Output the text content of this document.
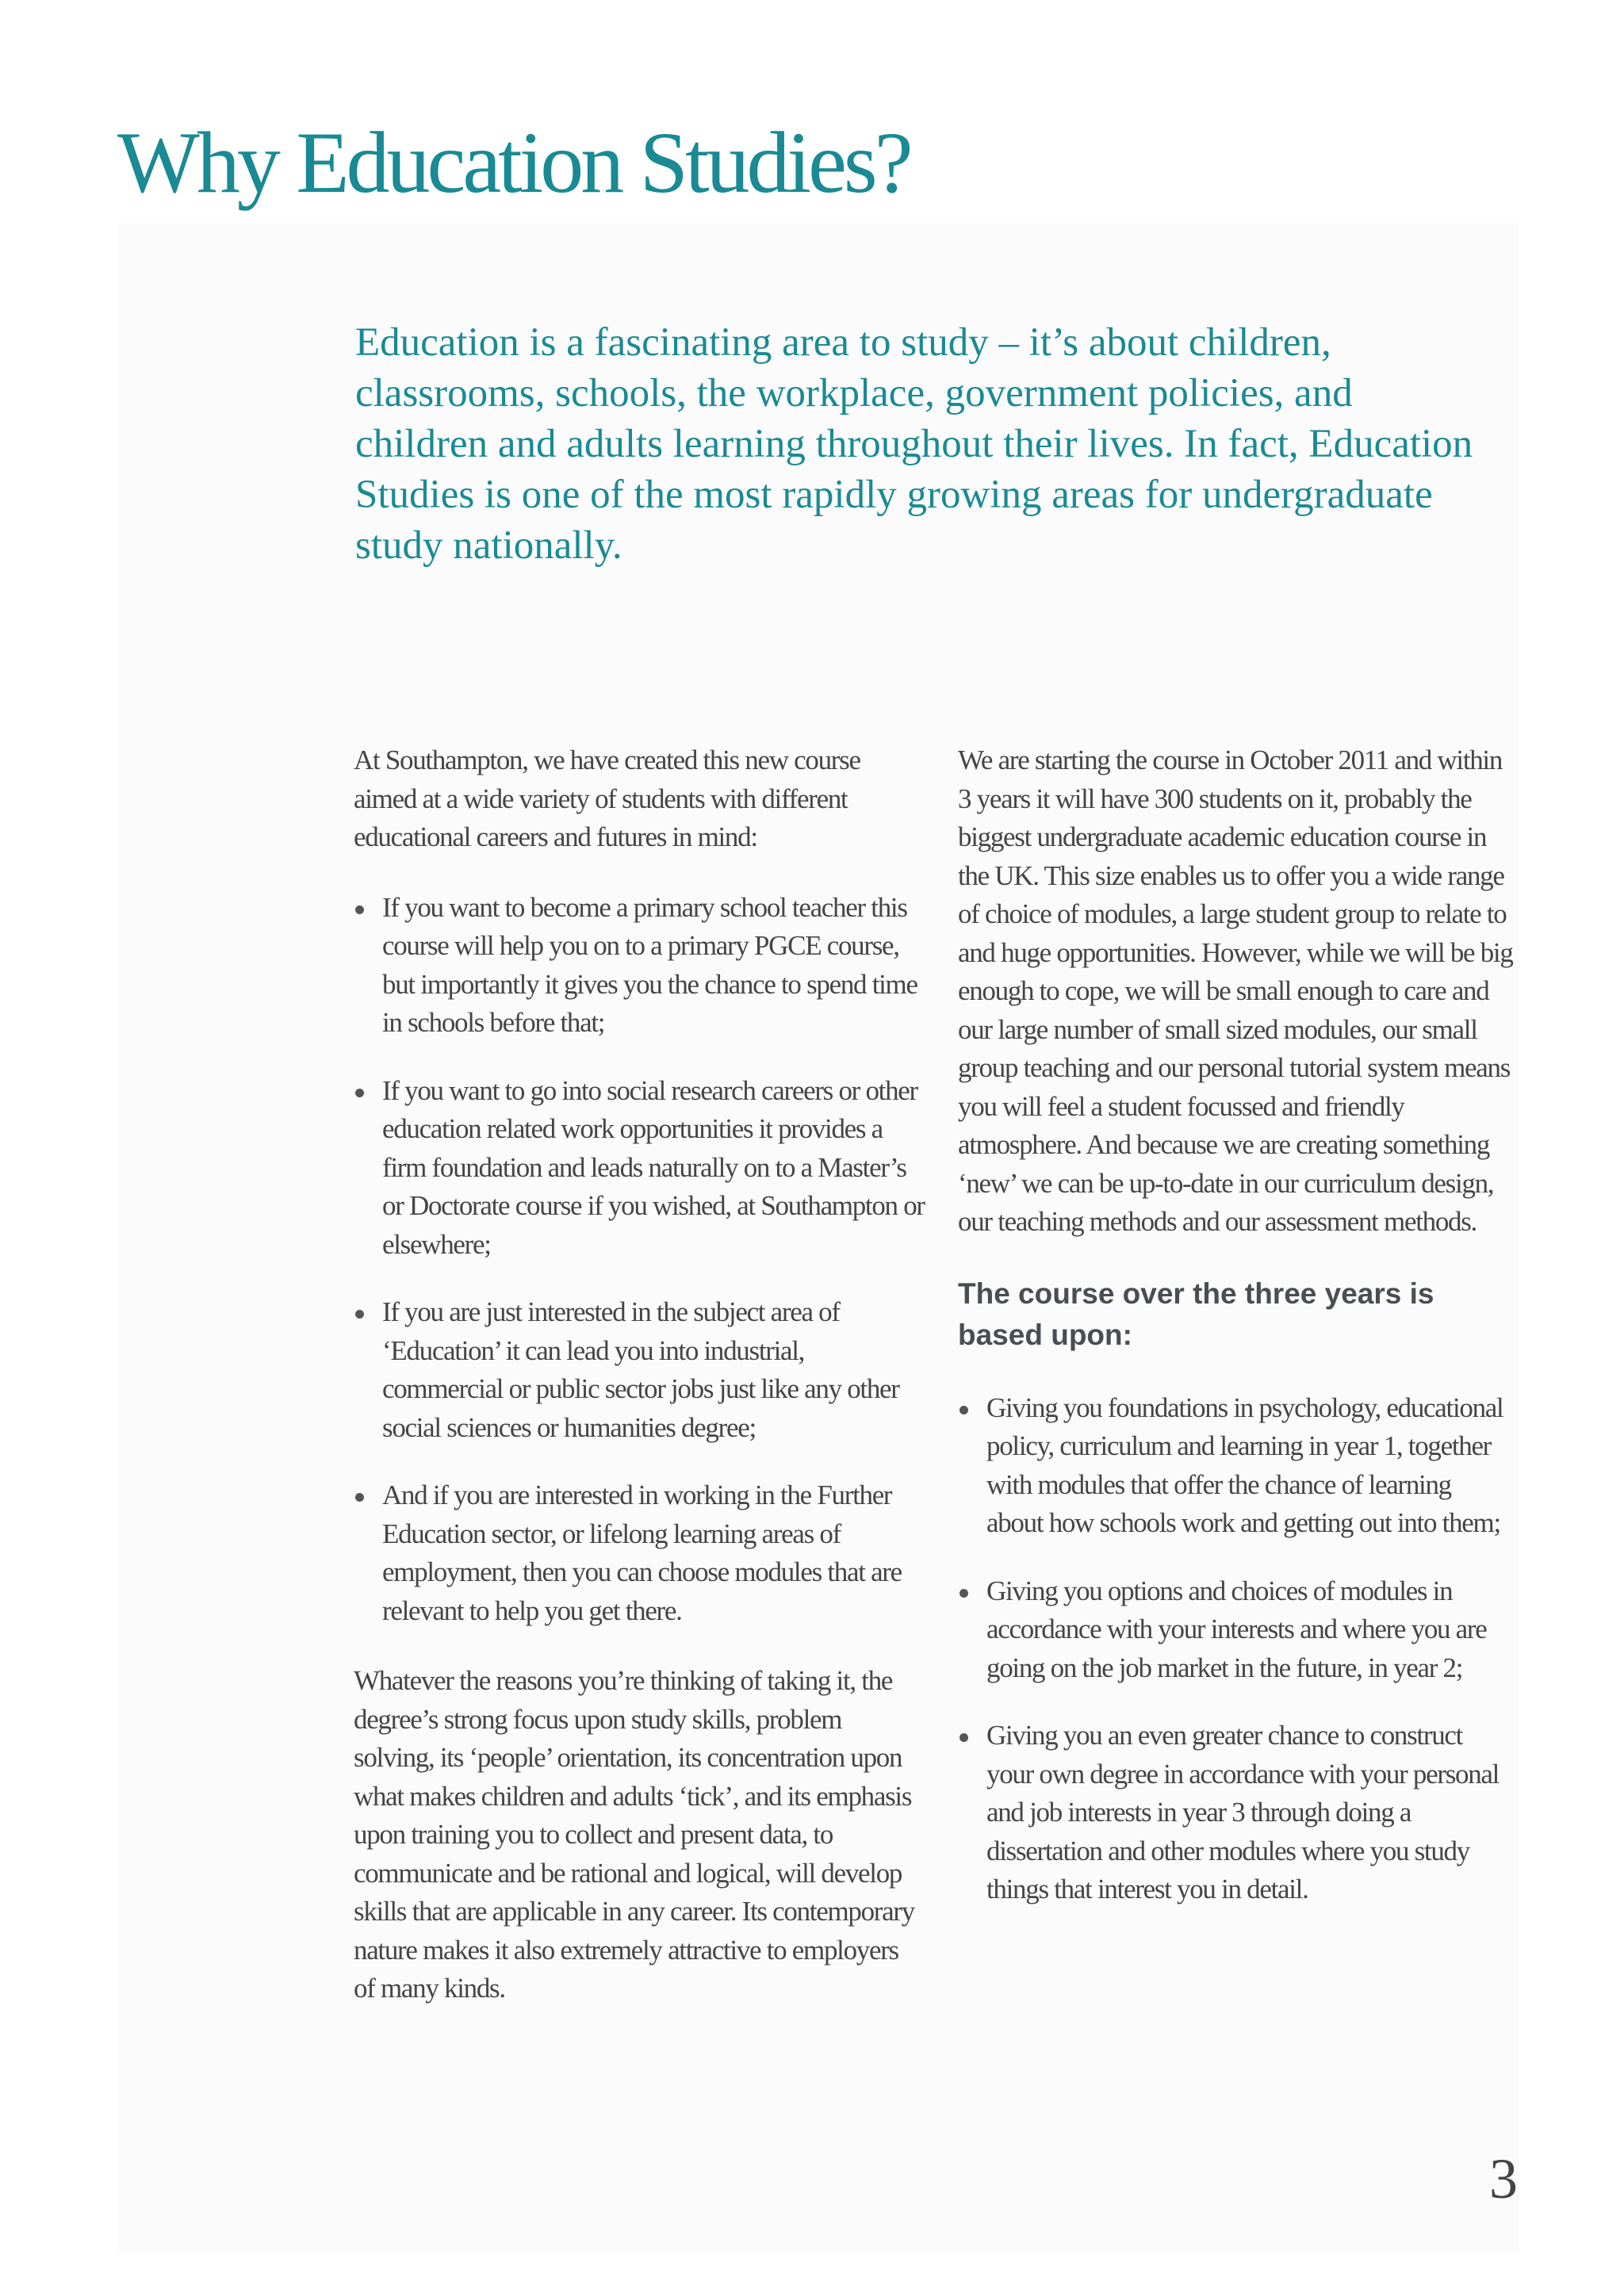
Why Education Studies?

Education is a fascinating area to study – it’s about children, classrooms, schools, the workplace, government policies, and children and adults learning throughout their lives. In fact, Education Studies is one of the most rapidly growing areas for undergraduate study nationally.

At Southampton, we have created this new course aimed at a wide variety of students with different educational careers and futures in mind:

If you want to become a primary school teacher this course will help you on to a primary PGCE course, but importantly it gives you the chance to spend time in schools before that;
If you want to go into social research careers or other education related work opportunities it provides a firm foundation and leads naturally on to a Master’s or Doctorate course if you wished, at Southampton or elsewhere;
If you are just interested in the subject area of ‘Education’ it can lead you into industrial, commercial or public sector jobs just like any other social sciences or humanities degree;
And if you are interested in working in the Further Education sector, or lifelong learning areas of employment, then you can choose modules that are relevant to help you get there.

Whatever the reasons you’re thinking of taking it, the degree’s strong focus upon study skills, problem solving, its ‘people’ orientation, its concentration upon what makes children and adults ‘tick’, and its emphasis upon training you to collect and present data, to communicate and be rational and logical, will develop skills that are applicable in any career. Its contemporary nature makes it also extremely attractive to employers of many kinds.

We are starting the course in October 2011 and within 3 years it will have 300 students on it, probably the biggest undergraduate academic education course in the UK. This size enables us to offer you a wide range of choice of modules, a large student group to relate to and huge opportunities. However, while we will be big enough to cope, we will be small enough to care and our large number of small sized modules, our small group teaching and our personal tutorial system means you will feel a student focussed and friendly atmosphere. And because we are creating something ‘new’ we can be up-to-date in our curriculum design, our teaching methods and our assessment methods.

The course over the three years is based upon:
Giving you foundations in psychology, educational policy, curriculum and learning in year 1, together with modules that offer the chance of learning about how schools work and getting out into them;
Giving you options and choices of modules in accordance with your interests and where you are going on the job market in the future, in year 2;
Giving you an even greater chance to construct your own degree in accordance with your personal and job interests in year 3 through doing a dissertation and other modules where you study things that interest you in detail.
3
